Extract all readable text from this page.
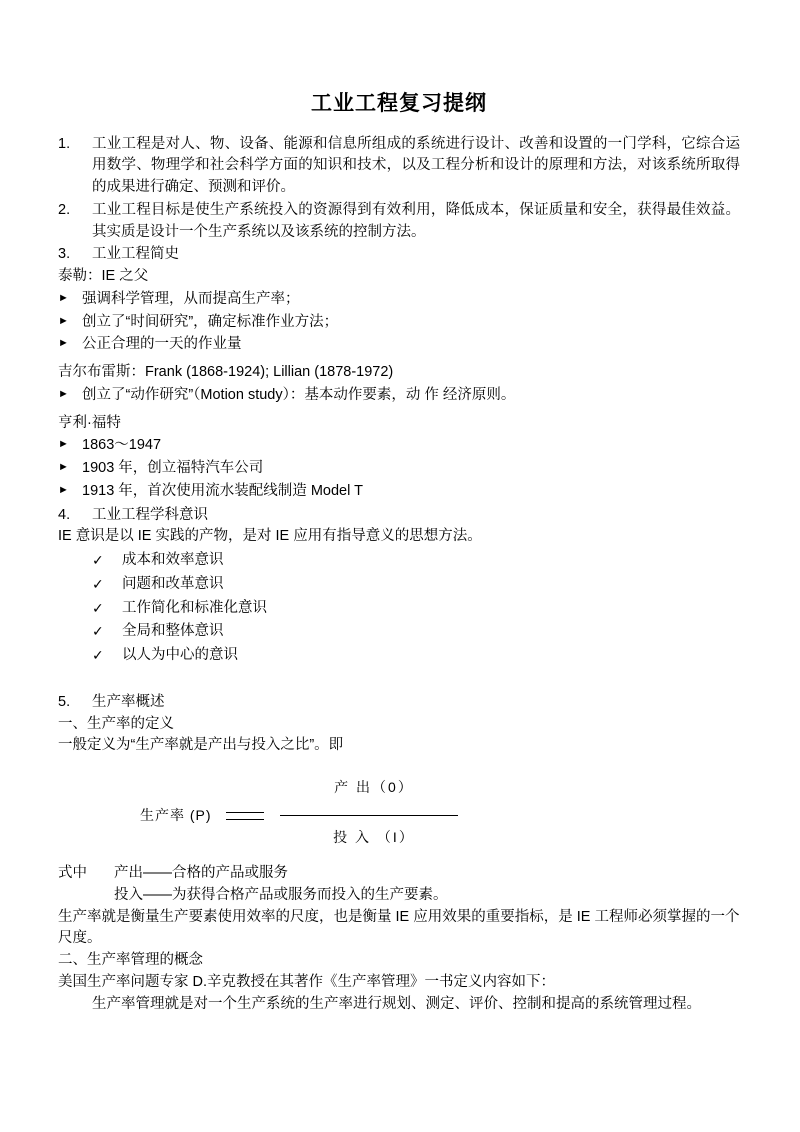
工业工程复习提纲
1.	工业工程是对人、物、设备、能源和信息所组成的系统进行设计、改善和设置的一门学科，它综合运用数学、物理学和社会科学方面的知识和技术，以及工程分析和设计的原理和方法，对该系统所取得的成果进行确定、预测和评价。
2.	工业工程目标是使生产系统投入的资源得到有效利用，降低成本，保证质量和安全，获得最佳效益。其实质是设计一个生产系统以及该系统的控制方法。
3.	工业工程简史
泰勒：IE 之父
► 强调科学管理，从而提高生产率；
► 创立了“时间研究”，确定标准作业方法；
► 公正合理的一天的作业量
吉尔布雷斯：Frank (1868-1924); Lillian (1878-1972)
► 创立了“动作研究”（Motion study）：基本动作要素，动 作 经济原则。
亨利·福特
► 1863～1947
► 1903 年，创立福特汽车公司
► 1913 年，首次使用流水装配线制造 Model T
4.	工业工程学科意识
IE 意识是以 IE 实践的产物，是对 IE 应用有指导意义的思想方法。
✓	成本和效率意识
✓	问题和改革意识
✓	工作简化和标准化意识
✓	全局和整体意识
✓	以人为中心的意识
5.	生产率概述
一、生产率的定义
一般定义为“生产率就是产出与投入之比”。即
生产率 (P)
产 出（0）
投 入 （I）
式中	产出——合格的产品或服务
投入——为获得合格产品或服务而投入的生产要素。
生产率就是衡量生产要素使用效率的尺度，也是衡量 IE 应用效果的重要指标，是 IE 工程师必须掌握的一个尺度。
二、生产率管理的概念
美国生产率问题专家 D.辛克教授在其著作《生产率管理》一书定义内容如下：
生产率管理就是对一个生产系统的生产率进行规划、测定、评价、控制和提高的系统管理过程。
